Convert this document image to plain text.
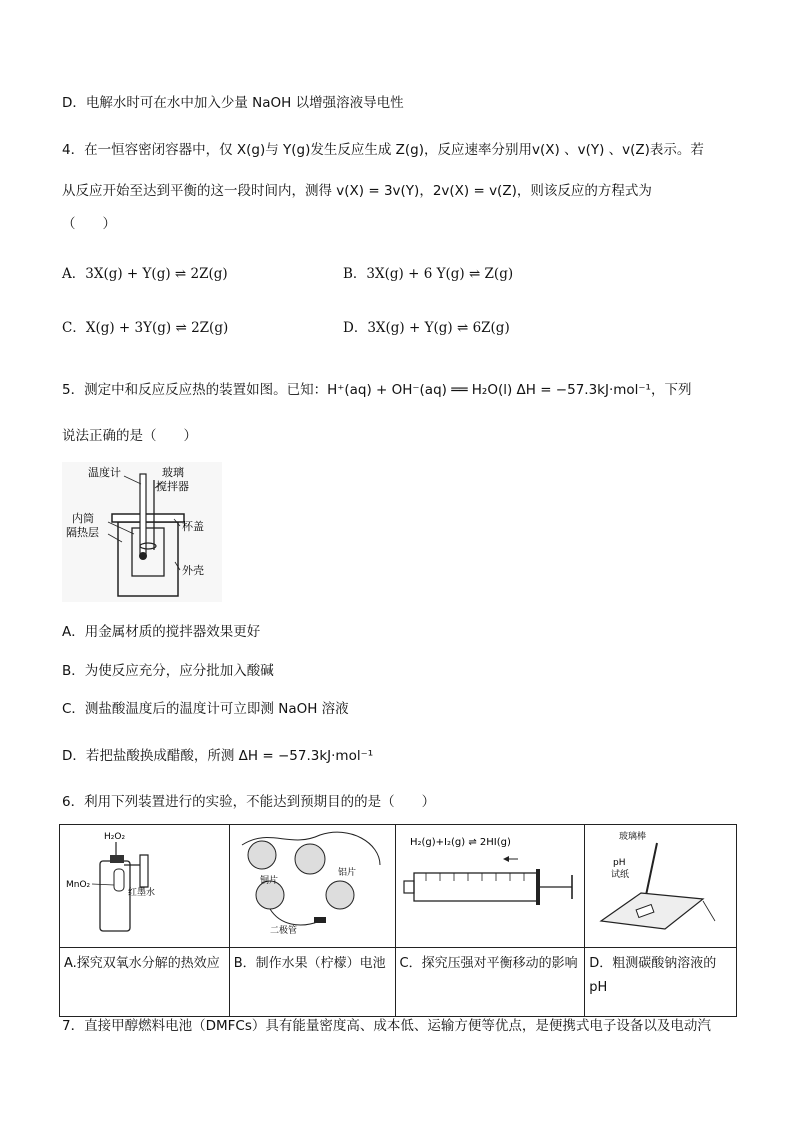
D．电解水时可在水中加入少量 NaOH 以增强溶液导电性
4．在一恒容密闭容器中，仅 X(g)与 Y(g)发生反应生成 Z(g)，反应速率分别用v(X) 、v(Y) 、v(Z)表示。若
从反应开始至达到平衡的这一段时间内，测得 v(X) = 3v(Y)，2v(X) = v(Z)，则该反应的方程式为
（　　）
A．3X(g) + Y(g) ⇌ 2Z(g)	B．3X(g) + 6 Y(g) ⇌ Z(g)
C．X(g) + 3Y(g) ⇌ 2Z(g)	D．3X(g) + Y(g) ⇌ 6Z(g)
5．测定中和反应反应热的装置如图。已知：H⁺(aq) + OH⁻(aq) ══ H₂O(l) ΔH = −57.3kJ·mol⁻¹，下列
说法正确的是（　　）
温度计	玻璃
搅拌器
内筒
隔热层	杯盖
外壳
A．用金属材质的搅拌器效果更好
B．为使反应充分，应分批加入酸碱
C．测盐酸温度后的温度计可立即测 NaOH 溶液
D．若把盐酸换成醋酸，所测 ΔH = −57.3kJ·mol⁻¹
6．利用下列装置进行的实验，不能达到预期目的的是（　　）
H₂O₂
MnO₂
红墨水	铜片
铝片
二极管	H₂(g)+I₂(g) ⇌ 2HI(g)	玻璃棒
pH
试纸

A.探究双氧水分解的热效应	B．制作水果（柠檬）电池	C．探究压强对平衡移动的影响	D．粗测碳酸钠溶液的pH
7．直接甲醇燃料电池（DMFCs）具有能量密度高、成本低、运输方便等优点，是便携式电子设备以及电动汽
